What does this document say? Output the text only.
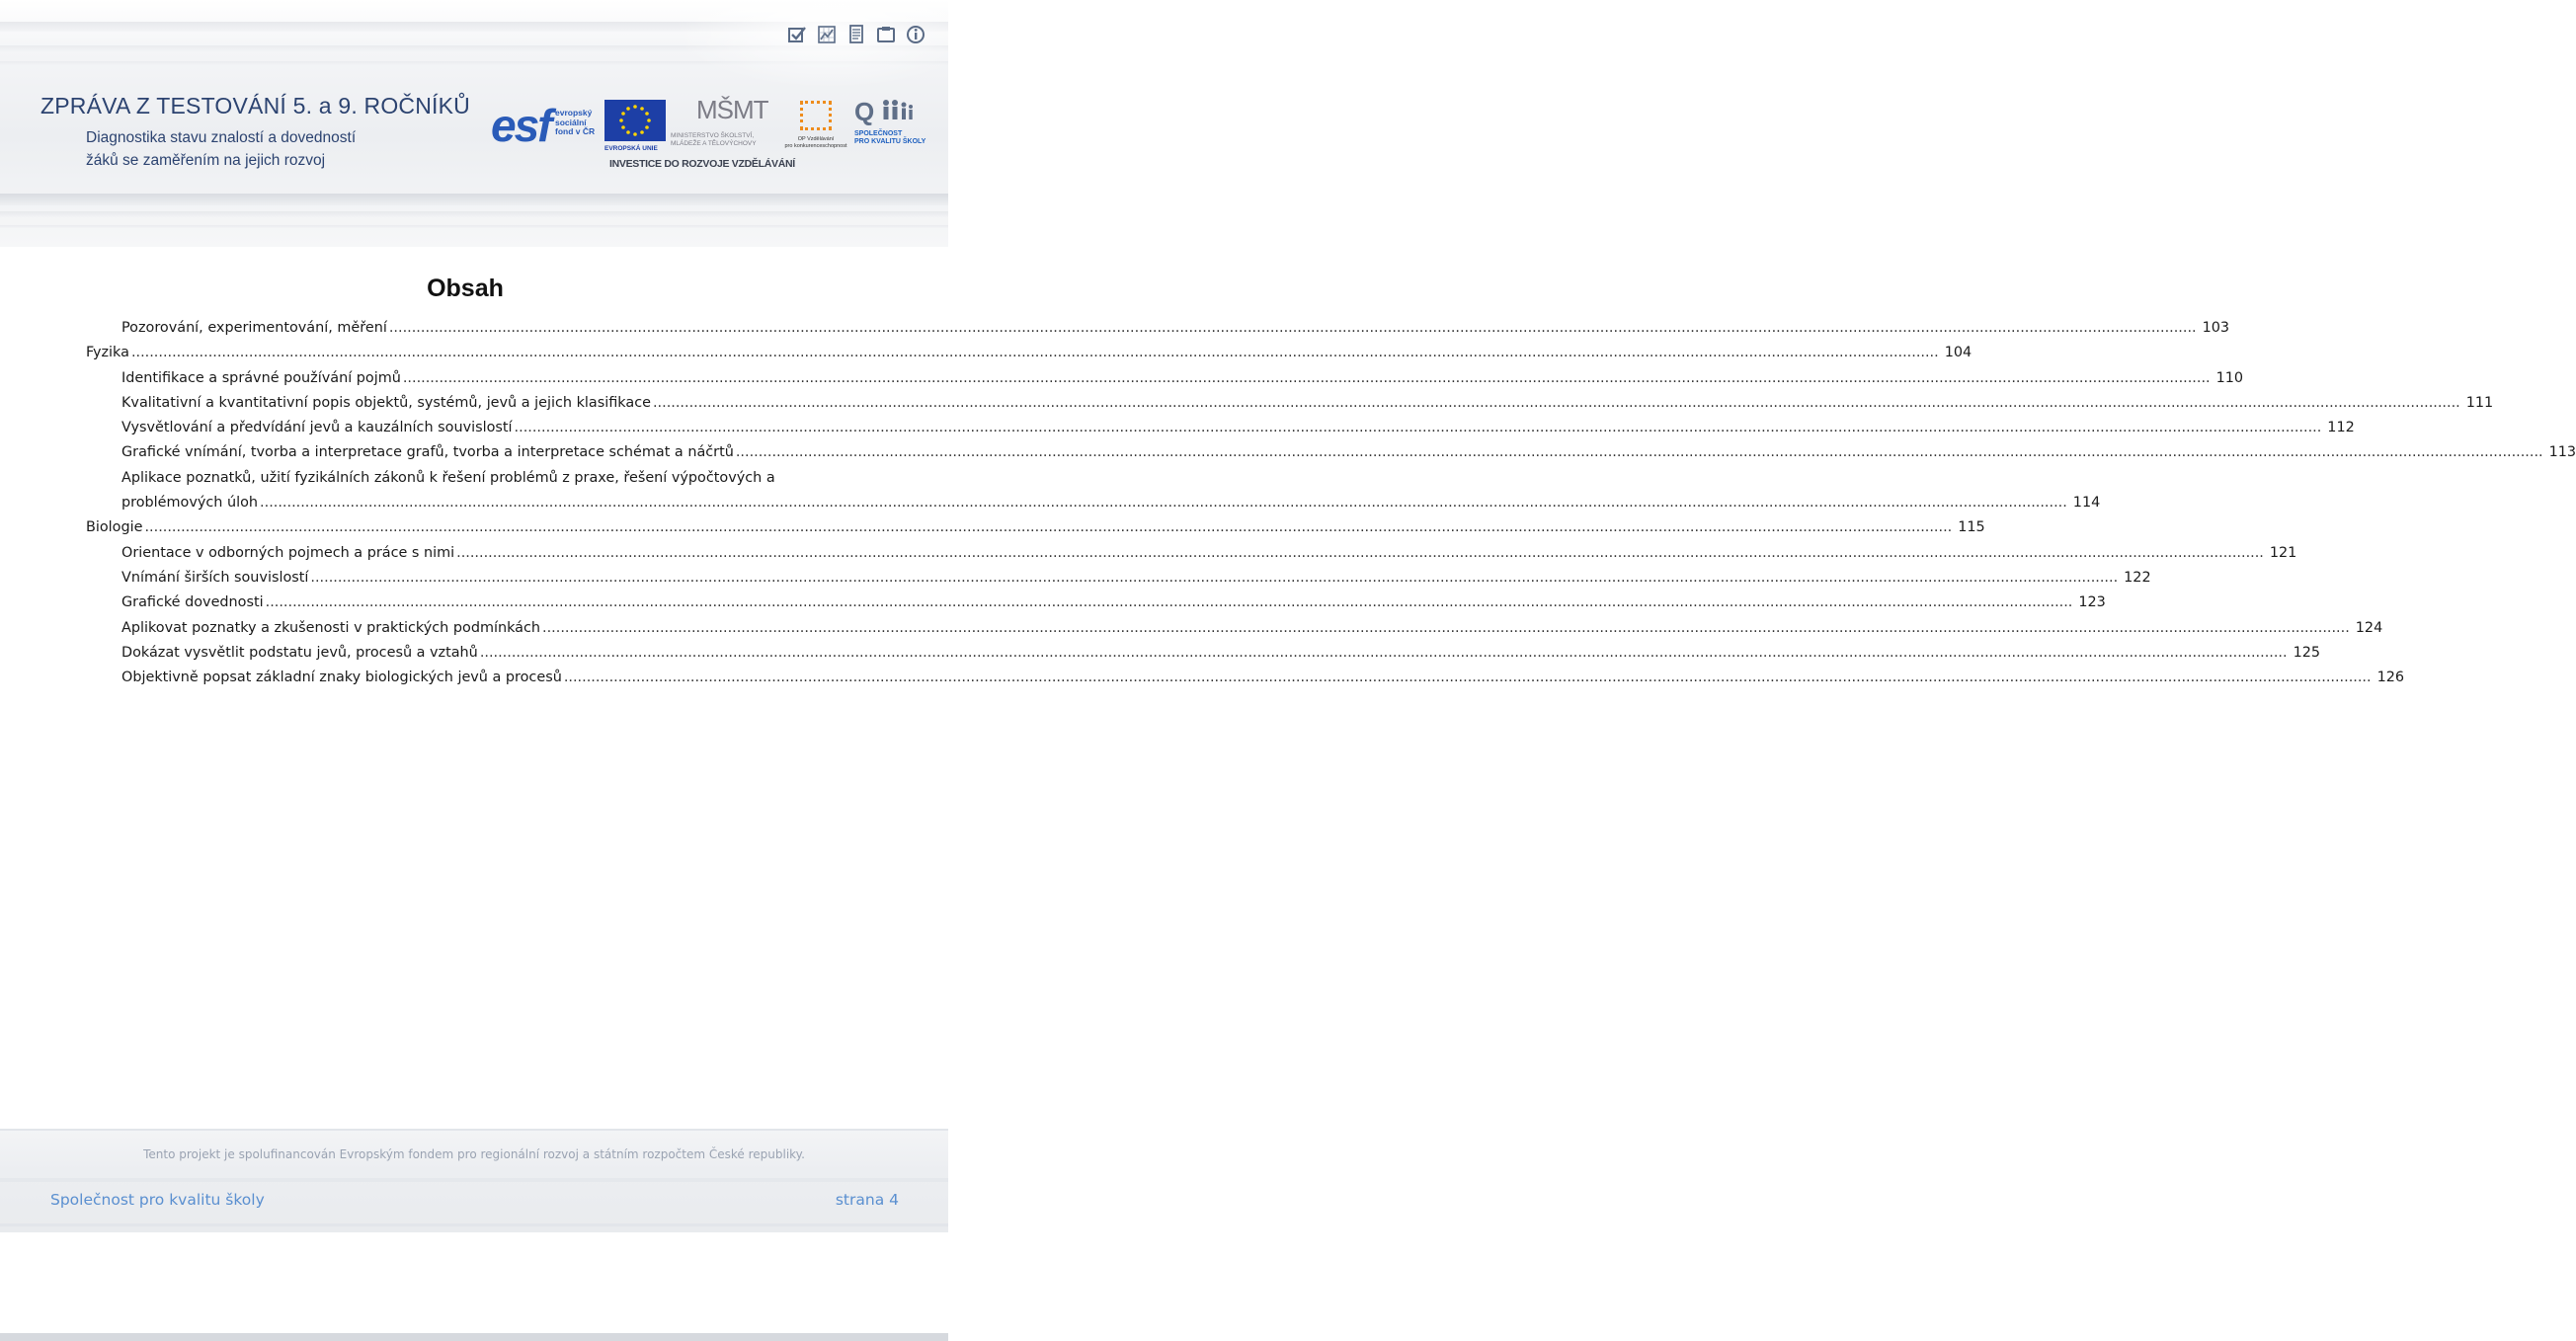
ZPRÁVA Z TESTOVÁNÍ 5. a 9. ROČNÍKŮ
Diagnostika stavu znalostí a dovedností
žáků se zaměřením na jejich rozvoj
esf evropský
sociální
fond v ČR
EVROPSKÁ UNIE
MŠMT
MINISTERSTVO ŠKOLSTVÍ,
MLÁDEŽE A TĚLOVÝCHOVY
OP Vzdělávání
pro konkurenceschopnost
Q
SPOLEČNOST
PRO KVALITU ŠKOLY
INVESTICE DO ROZVOJE VZDĚLÁVÁNÍ
Obsah
Pozorování, experimentování, měření ................................................................................................................................................................................................................................................................................................................................................................................................................ 103
Fyzika ................................................................................................................................................................................................................................................................................................................................................................................................................ 104
Identifikace a správné používání pojmů ................................................................................................................................................................................................................................................................................................................................................................................................................ 110
Kvalitativní a kvantitativní popis objektů, systémů, jevů a jejich klasifikace ................................................................................................................................................................................................................................................................................................................................................................................................................ 111
Vysvětlování a předvídání jevů a kauzálních souvislostí ................................................................................................................................................................................................................................................................................................................................................................................................................ 112
Grafické vnímání, tvorba a interpretace grafů, tvorba a interpretace schémat a náčrtů ................................................................................................................................................................................................................................................................................................................................................................................................................ 113
Aplikace poznatků, užití fyzikálních zákonů k řešení problémů z praxe, řešení výpočtových a
problémových úloh ................................................................................................................................................................................................................................................................................................................................................................................................................ 114
Biologie ................................................................................................................................................................................................................................................................................................................................................................................................................ 115
Orientace v odborných pojmech a práce s nimi ................................................................................................................................................................................................................................................................................................................................................................................................................ 121
Vnímání širších souvislostí ................................................................................................................................................................................................................................................................................................................................................................................................................ 122
Grafické dovednosti ................................................................................................................................................................................................................................................................................................................................................................................................................ 123
Aplikovat poznatky a zkušenosti v praktických podmínkách ................................................................................................................................................................................................................................................................................................................................................................................................................ 124
Dokázat vysvětlit podstatu jevů, procesů a vztahů ................................................................................................................................................................................................................................................................................................................................................................................................................ 125
Objektivně popsat základní znaky biologických jevů a procesů ................................................................................................................................................................................................................................................................................................................................................................................................................ 126
Tento projekt je spolufinancován Evropským fondem pro regionální rozvoj a státním rozpočtem České republiky.
Společnost pro kvalitu školy	strana 4
